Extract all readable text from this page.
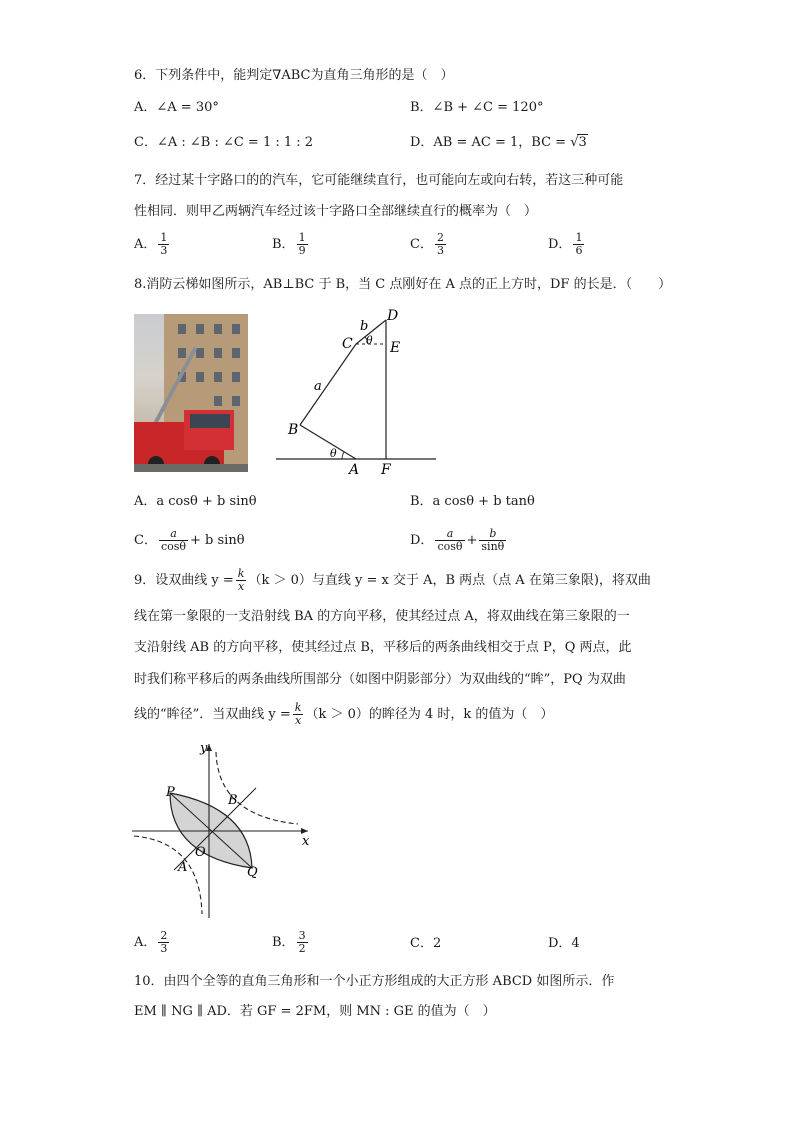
6．下列条件中，能判定∇ABC为直角三角形的是（　）
A．∠A = 30°	B．∠B + ∠C = 120°
C．∠A : ∠B : ∠C = 1 : 1 : 2	D．AB = AC = 1，BC = √3
7．经过某十字路口的的汽车，它可能继续直行，也可能向左或向右转，若这三种可能
性相同．则甲乙两辆汽车经过该十字路口全部继续直行的概率为（　）
A． $\frac{1}{3}$	B． $\frac{1}{9}$	C． $\frac{2}{3}$	D． $\frac{1}{6}$
8.消防云梯如图所示，AB⊥BC 于 B，当 C 点刚好在 A 点的正上方时，DF 的长是．（　　）
D
b
C θ E
a
B
θ
A F
A．a cosθ + b sinθ	B．a cosθ + b tanθ
C． $\frac{a}{\cos\theta} + b$ sinθ	D． $\frac{a}{\cos\theta} + \frac{b}{\sin\theta}$
9．设双曲线 $y = \frac{k}{x} (k > 0)$与直线 y = x 交于 A，B 两点（点 A 在第三象限)，将双曲
线在第一象限的一支沿射线 BA 的方向平移，使其经过点 A，将双曲线在第三象限的一
支沿射线 AB 的方向平移，使其经过点 B，平移后的两条曲线相交于点 P，Q 两点，此
时我们称平移后的两条曲线所围部分（如图中阴影部分）为双曲线的“眸”，PQ 为双曲
线的“眸径”．当双曲线 $y = \frac{k}{x} (k > 0)$的眸径为 4 时，k 的值为（　）
y
x
P
B
O
A	Q
A． $\frac{2}{3}$	B． $\frac{3}{2}$	C．2	D．4
10．由四个全等的直角三角形和一个小正方形组成的大正方形 ABCD 如图所示．作
EM ∥ NG ∥ AD．若 GF = 2FM，则 MN : GE 的值为（　）
